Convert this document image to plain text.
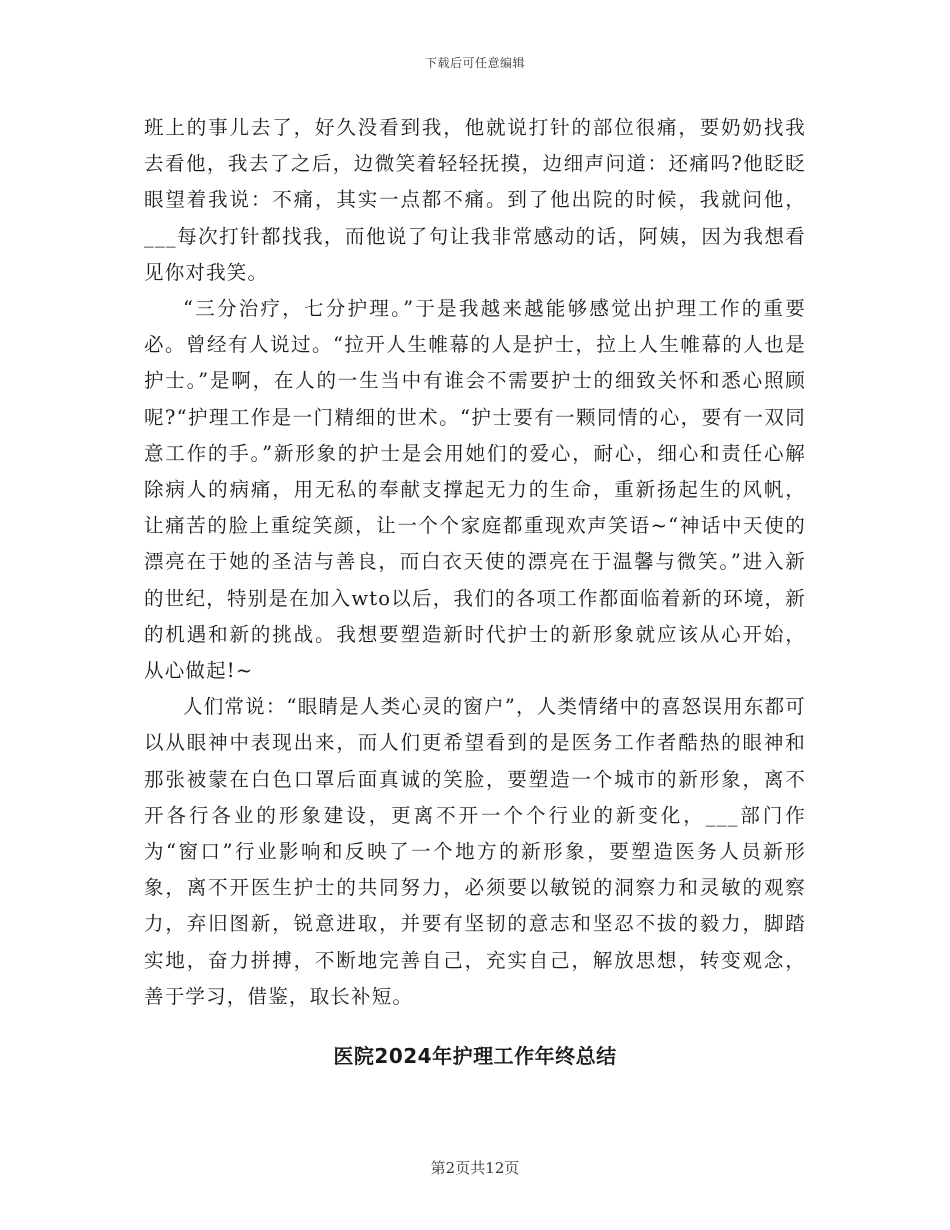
下载后可任意编辑

班上的事儿去了，好久没看到我，他就说打针的部位很痛，要奶奶找我去看他，我去了之后，边微笑着轻轻抚摸，边细声问道：还痛吗?他眨眨眼望着我说：不痛，其实一点都不痛。到了他出院的时候，我就问他，___每次打针都找我，而他说了句让我非常感动的话，阿姨，因为我想看见你对我笑。

“三分治疗，七分护理。”于是我越来越能够感觉出护理工作的重要必。曾经有人说过。“拉开人生帷幕的人是护士，拉上人生帷幕的人也是护士。”是啊，在人的一生当中有谁会不需要护士的细致关怀和悉心照顾呢?“护理工作是一门精细的世术。“护士要有一颗同情的心，要有一双同意工作的手。”新形象的护士是会用她们的爱心，耐心，细心和责任心解除病人的病痛，用无私的奉献支撑起无力的生命，重新扬起生的风帆，让痛苦的脸上重绽笑颜，让一个个家庭都重现欢声笑语~“神话中天使的漂亮在于她的圣洁与善良，而白衣天使的漂亮在于温馨与微笑。”进入新的世纪，特别是在加入wto以后，我们的各项工作都面临着新的环境，新的机遇和新的挑战。我想要塑造新时代护士的新形象就应该从心开始，从心做起!~

人们常说：“眼睛是人类心灵的窗户”，人类情绪中的喜怒误用东都可以从眼神中表现出来，而人们更希望看到的是医务工作者酷热的眼神和那张被蒙在白色口罩后面真诚的笑脸，要塑造一个城市的新形象，离不开各行各业的形象建设，更离不开一个个行业的新变化，___部门作为“窗口”行业影响和反映了一个地方的新形象，要塑造医务人员新形象，离不开医生护士的共同努力，必须要以敏锐的洞察力和灵敏的观察力，弃旧图新，锐意进取，并要有坚韧的意志和坚忍不拔的毅力，脚踏实地，奋力拼搏，不断地完善自己，充实自己，解放思想，转变观念，善于学习，借鉴，取长补短。

医院2024年护理工作年终总结
第2页共12页
